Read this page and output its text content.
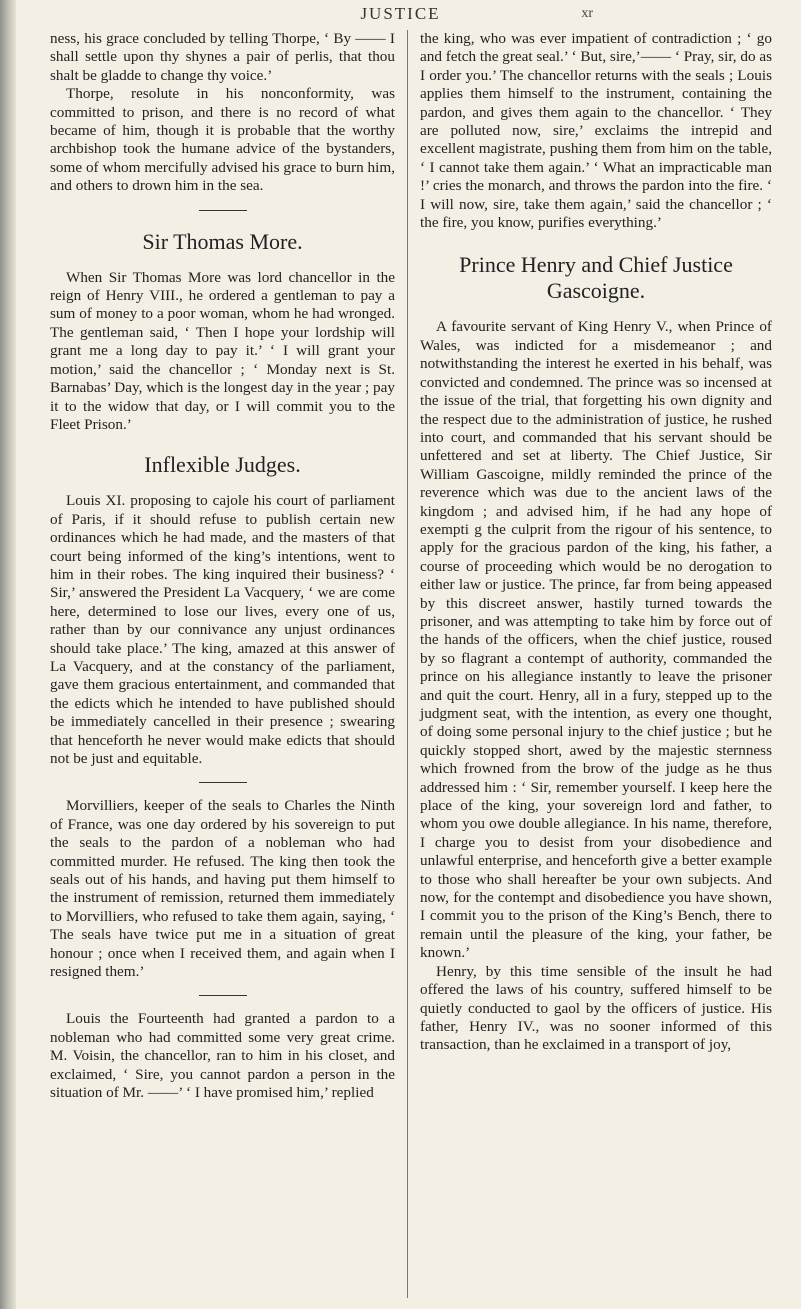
JUSTICE	xr

ness, his grace concluded by telling Thorpe, ‘ By —— I shall settle upon thy shynes a pair of perlis, that thou shalt be gladde to change thy voice.’

Thorpe, resolute in his nonconformity, was committed to prison, and there is no record of what became of him, though it is probable that the worthy archbishop took the humane advice of the bystanders, some of whom mercifully advised his grace to burn him, and others to drown him in the sea.

Sir Thomas More.

When Sir Thomas More was lord chancellor in the reign of Henry VIII., he ordered a gentleman to pay a sum of money to a poor woman, whom he had wronged. The gentleman said, ‘ Then I hope your lordship will grant me a long day to pay it.’ ‘ I will grant your motion,’ said the chancellor ; ‘ Monday next is St. Barnabas’ Day, which is the longest day in the year ; pay it to the widow that day, or I will commit you to the Fleet Prison.’

Inflexible Judges.

Louis XI. proposing to cajole his court of parliament of Paris, if it should refuse to publish certain new ordinances which he had made, and the masters of that court being informed of the king’s intentions, went to him in their robes. The king inquired their business? ‘ Sir,’ answered the President La Vacquery, ‘ we are come here, determined to lose our lives, every one of us, rather than by our connivance any unjust ordinances should take place.’ The king, amazed at this answer of La Vacquery, and at the constancy of the parliament, gave them gracious entertainment, and commanded that the edicts which he intended to have published should be immediately cancelled in their presence ; swearing that henceforth he never would make edicts that should not be just and equitable.

Morvilliers, keeper of the seals to Charles the Ninth of France, was one day ordered by his sovereign to put the seals to the pardon of a nobleman who had committed murder. He refused. The king then took the seals out of his hands, and having put them himself to the instrument of remission, returned them immediately to Morvilliers, who refused to take them again, saying, ‘ The seals have twice put me in a situation of great honour ; once when I received them, and again when I resigned them.’

Louis the Fourteenth had granted a pardon to a nobleman who had committed some very great crime. M. Voisin, the chancellor, ran to him in his closet, and exclaimed, ‘ Sire, you cannot pardon a person in the situation of Mr. ——’ ‘ I have promised him,’ replied

the king, who was ever impatient of contradiction ; ‘ go and fetch the great seal.’ ‘ But, sire,’—— ‘ Pray, sir, do as I order you.’ The chancellor returns with the seals ; Louis applies them himself to the instrument, containing the pardon, and gives them again to the chancellor. ‘ They are polluted now, sire,’ exclaims the intrepid and excellent magistrate, pushing them from him on the table, ‘ I cannot take them again.’ ‘ What an impracticable man !’ cries the monarch, and throws the pardon into the fire. ‘ I will now, sire, take them again,’ said the chancellor ; ‘ the fire, you know, purifies everything.’

Prince Henry and Chief Justice
Gascoigne.

A favourite servant of King Henry V., when Prince of Wales, was indicted for a misdemeanor ; and notwithstanding the interest he exerted in his behalf, was convicted and condemned. The prince was so incensed at the issue of the trial, that forgetting his own dignity and the respect due to the administration of justice, he rushed into court, and commanded that his servant should be unfettered and set at liberty. The Chief Justice, Sir William Gascoigne, mildly reminded the prince of the reverence which was due to the ancient laws of the kingdom ; and advised him, if he had any hope of exempti g the culprit from the rigour of his sentence, to apply for the gracious pardon of the king, his father, a course of proceeding which would be no derogation to either law or justice. The prince, far from being appeased by this discreet answer, hastily turned towards the prisoner, and was attempting to take him by force out of the hands of the officers, when the chief justice, roused by so flagrant a contempt of authority, commanded the prince on his allegiance instantly to leave the prisoner and quit the court. Henry, all in a fury, stepped up to the judgment seat, with the intention, as every one thought, of doing some personal injury to the chief justice ; but he quickly stopped short, awed by the majestic sternness which frowned from the brow of the judge as he thus addressed him : ‘ Sir, remember yourself. I keep here the place of the king, your sovereign lord and father, to whom you owe double allegiance. In his name, therefore, I charge you to desist from your disobedience and unlawful enterprise, and henceforth give a better example to those who shall hereafter be your own subjects. And now, for the contempt and disobedience you have shown, I commit you to the prison of the King’s Bench, there to remain until the pleasure of the king, your father, be known.’

Henry, by this time sensible of the insult he had offered the laws of his country, suffered himself to be quietly conducted to gaol by the officers of justice. His father, Henry IV., was no sooner informed of this transaction, than he exclaimed in a transport of joy,
